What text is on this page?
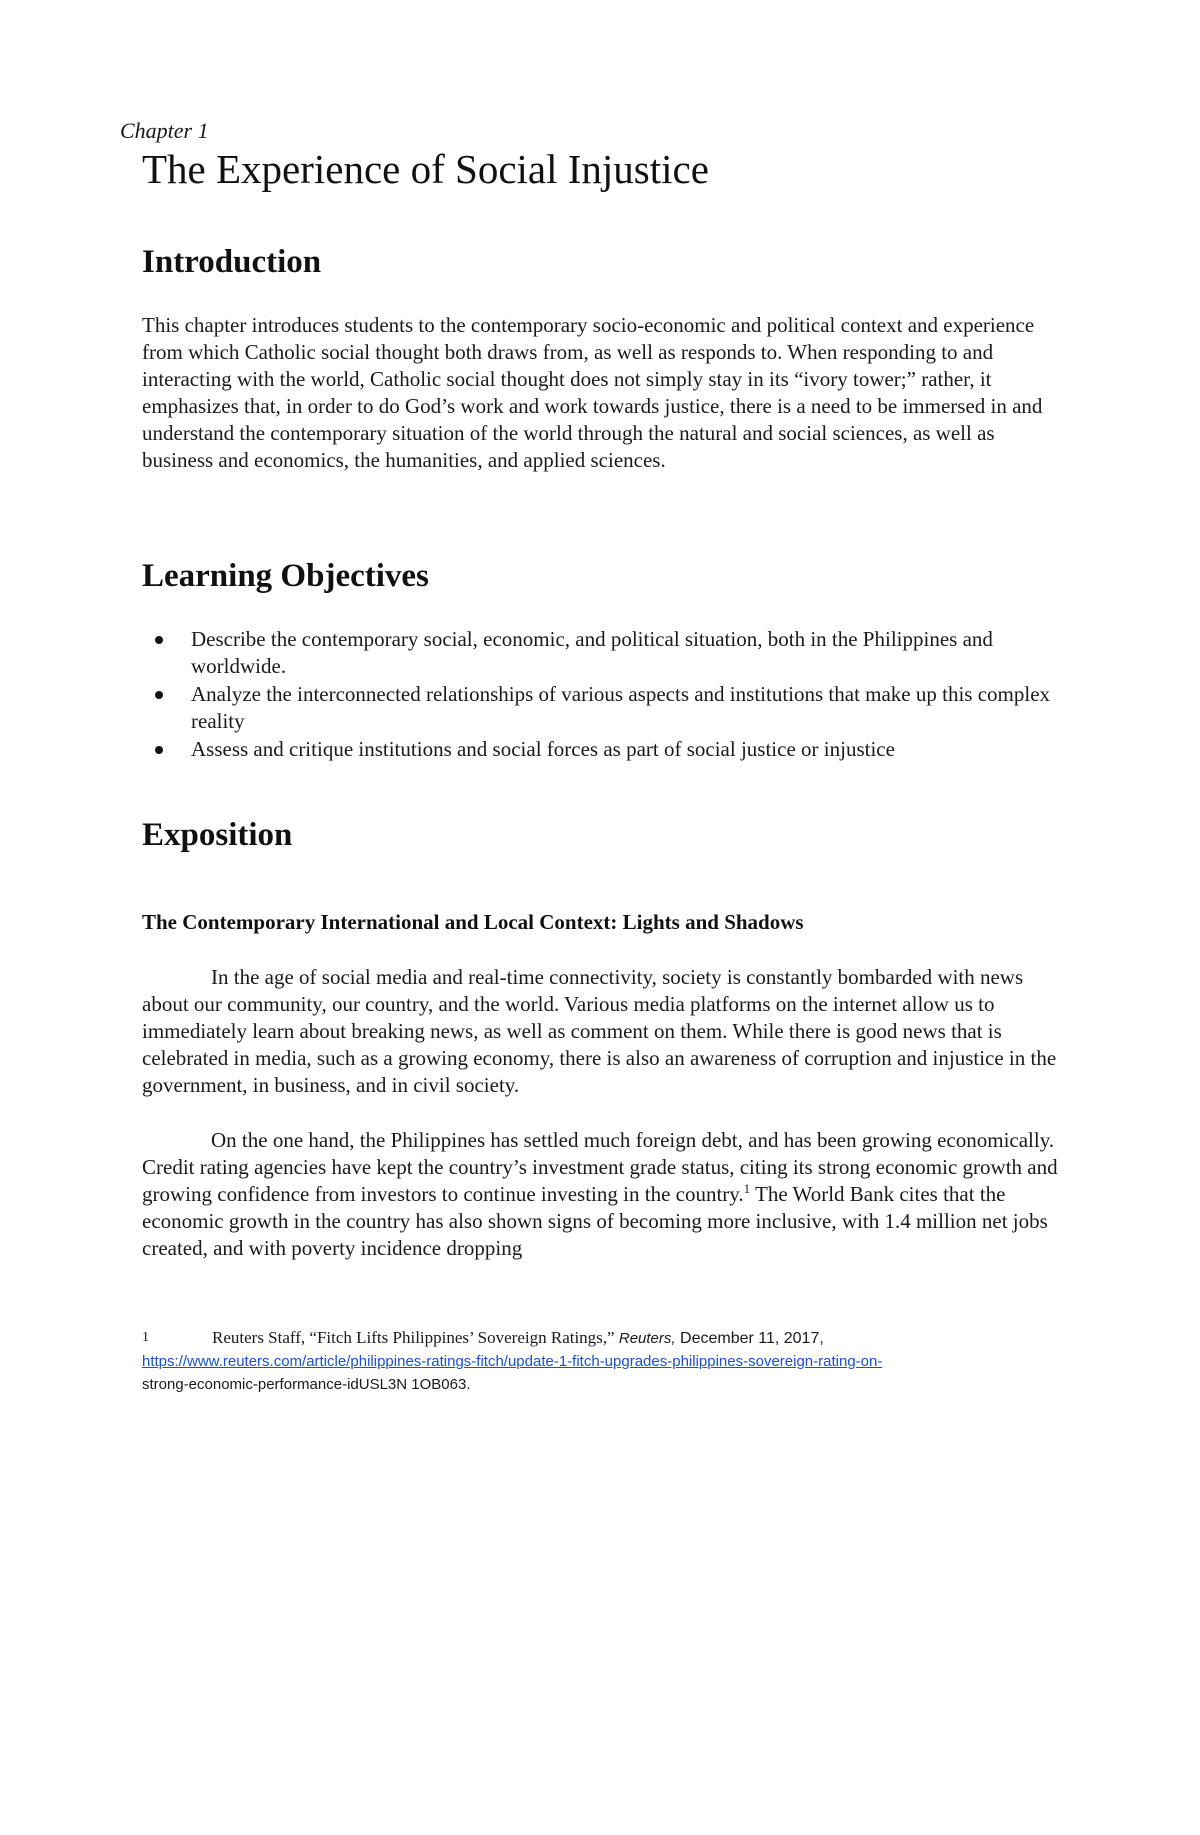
Chapter 1
The Experience of Social Injustice
Introduction

This chapter introduces students to the contemporary socio-economic and political context and experience from which Catholic social thought both draws from, as well as responds to. When responding to and interacting with the world, Catholic social thought does not simply stay in its “ivory tower;” rather, it emphasizes that, in order to do God’s work and work towards justice, there is a need to be immersed in and understand the contemporary situation of the world through the natural and social sciences, as well as business and economics, the humanities, and applied sciences.

Learning Objectives
Describe the contemporary social, economic, and political situation, both in the Philippines and worldwide.
Analyze the interconnected relationships of various aspects and institutions that make up this complex reality
Assess and critique institutions and social forces as part of social justice or injustice
Exposition
The Contemporary International and Local Context: Lights and Shadows

In the age of social media and real-time connectivity, society is constantly bombarded with news about our community, our country, and the world. Various media platforms on the internet allow us to immediately learn about breaking news, as well as comment on them. While there is good news that is celebrated in media, such as a growing economy, there is also an awareness of corruption and injustice in the government, in business, and in civil society.

On the one hand, the Philippines has settled much foreign debt, and has been growing economically. Credit rating agencies have kept the country’s investment grade status, citing its strong economic growth and growing confidence from investors to continue investing in the country.$^1$ The World Bank cites that the economic growth in the country has also shown signs of becoming more inclusive, with 1.4 million net jobs created, and with poverty incidence dropping

1	Reuters Staff, “Fitch Lifts Philippines’ Sovereign Ratings,” Reuters, December 11, 2017,
https://www.reuters.com/article/philippines-ratings-fitch/update-1-fitch-upgrades-philippines-sovereign-rating-on-
strong-economic-performance-idUSL3N 1OB063.
